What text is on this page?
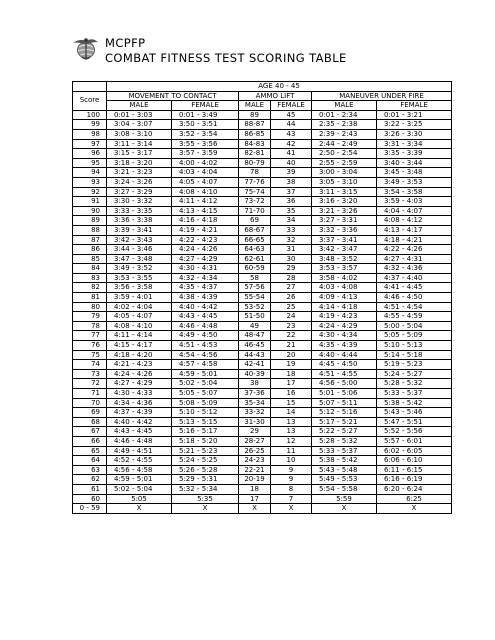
MCPFP
COMBAT FITNESS TEST SCORING TABLE
	AGE 40 - 45					
Score	MOVEMENT TO CONTACT		AMMO LIFT		MANEUVER UNDER FIRE	
	MALE	FEMALE	MALE	FEMALE	MALE	FEMALE
100	0:01 - 3:03	0:01 - 3:49	89	45	0:01 - 2:34	0:01 - 3:21
99	3:04 - 3:07	3:50 - 3:51	88-87	44	2:35 - 2:38	3:22 - 3:25
98	3:08 - 3:10	3:52 - 3:54	86-85	43	2:39 - 2:43	3:26 - 3:30
97	3:11 - 3:14	3:55 - 3:56	84-83	42	2:44 - 2:49	3:31 - 3:34
96	3:15 - 3:17	3:57 - 3:59	82-81	41	2:50 - 2:54	3:35 - 3:39
95	3:18 - 3:20	4:00 - 4:02	80-79	40	2:55 - 2:59	3:40 - 3:44
94	3:21 - 3:23	4:03 - 4:04	78	39	3:00 - 3:04	3:45 - 3:48
93	3:24 - 3:26	4:05 - 4:07	77-76	38	3:05 - 3:10	3:49 - 3:53
92	3:27 - 3:29	4:08 - 4:10	75-74	37	3:11 - 3:15	3:54 - 3:58
91	3:30 - 3:32	4:11 - 4:12	73-72	36	3:16 - 3:20	3:59 - 4:03
90	3:33 - 3:35	4:13 - 4:15	71-70	35	3:21 - 3:26	4:04 - 4:07
89	3:36 - 3:38	4:16 - 4:18	69	34	3:27 - 3:31	4:08 - 4:12
88	3:39 - 3:41	4:19 - 4:21	68-67	33	3:32 - 3:36	4:13 - 4:17
87	3:42 - 3:43	4:22 - 4:23	66-65	32	3:37 - 3:41	4:18 - 4:21
86	3:44 - 3:46	4:24 - 4:26	64-63	31	3:42 - 3:47	4:22 - 4:26
85	3:47 - 3:48	4:27 - 4:29	62-61	30	3:48 - 3:52	4:27 - 4:31
84	3:49 - 3:52	4:30 - 4:31	60-59	29	3:53 - 3:57	4:32 - 4:36
83	3:53 - 3:55	4:32 - 4:34	58	28	3:58 - 4:02	4:37 - 4:40
82	3:56 - 3:58	4:35 - 4:37	57-56	27	4:03 - 4:08	4:41 - 4:45
81	3:59 - 4:01	4:38 - 4:39	55-54	26	4:09 - 4:13	4:46 - 4:50
80	4:02 - 4:04	4:40 - 4:42	53-52	25	4:14 - 4:18	4:51 - 4:54
79	4:05 - 4:07	4:43 - 4:45	51-50	24	4:19 - 4:23	4:55 - 4:59
78	4:08 - 4:10	4:46 - 4:48	49	23	4:24 - 4:29	5:00 - 5:04
77	4:11 - 4:14	4:49 - 4:50	48-47	22	4:30 - 4:34	5:05 - 5:09
76	4:15 - 4:17	4:51 - 4:53	46-45	21	4:35 - 4:39	5:10 - 5:13
75	4:18 - 4:20	4:54 - 4:56	44-43	20	4:40 - 4:44	5:14 - 5:18
74	4:21 - 4:23	4:57 - 4:58	42-41	19	4:45 - 4:50	5:19 - 5:23
73	4:24 - 4:26	4:59 - 5:01	40-39	18	4:51 - 4:55	5:24 - 5:27
72	4:27 - 4:29	5:02 - 5:04	38	17	4:56 - 5:00	5:28 - 5:32
71	4:30 - 4:33	5:05 - 5:07	37-36	16	5:01 - 5:06	5:33 - 5:37
70	4:34 - 4:36	5:08 - 5:09	35-34	15	5:07 - 5:11	5:38 - 5:42
69	4:37 - 4:39	5:10 - 5:12	33-32	14	5:12 - 5:16	5:43 - 5:46
68	4:40 - 4:42	5:13 - 5:15	31-30	13	5:17 - 5:21	5:47 - 5:51
67	4:43 - 4:45	5:16 - 5:17	29	13	5:22 - 5:27	5:52 - 5:56
66	4:46 - 4:48	5:18 - 5:20	28-27	12	5:28 - 5:32	5:57 - 6:01
65	4:49 - 4:51	5:21 - 5:23	26-25	11	5:33 - 5:37	6:02 - 6:05
64	4:52 - 4:55	5:24 - 5:25	24-23	10	5:38 - 5:42	6:06 - 6:10
63	4:56 - 4:58	5:26 - 5:28	22-21	9	5:43 - 5:48	6:11 - 6:15
62	4:59 - 5:01	5:29 - 5:31	20-19	9	5:49 - 5:53	6:16 - 6:19
61	5:02 - 5:04	5:32 - 5:34	18	8	5:54 - 5:58	6:20 - 6:24
60	5:05	5:35	17	7	5:59	6:25
0 - 59	X	X	X	X	X	X
